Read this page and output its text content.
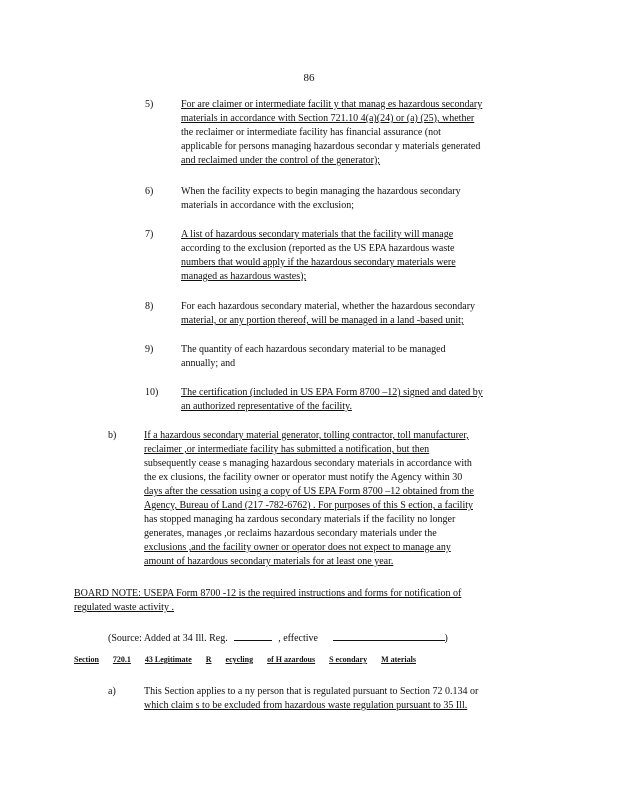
86
5)	For are claimer or intermediate facilit y that manag es hazardous secondary
materials in accordance with Section 721.10 4(a)(24) or (a) (25), whether
the reclaimer or intermediate facility has financial assurance (not
applicable for persons managing hazardous secondar y materials generated
and reclaimed under the control of the generator);
6)	When the facility expects to begin managing the hazardous secondary
materials in accordance with the exclusion;
7)	A list of hazardous secondary materials that the facility will manage
according to the exclusion (reported as the US EPA hazardous waste
numbers that would apply if the hazardous secondary materials were
managed as hazardous wastes);
8)	For each hazardous secondary material, whether the hazardous secondary
material, or any portion thereof, will be managed in a land -based unit;
9)	The quantity of each hazardous secondary material to be managed
annually; and
10) The certification (included in US EPA Form 8700 –12) signed and dated by
an authorized representative of the facility.
b)	If a hazardous secondary material generator, tolling contractor, toll manufacturer,
reclaimer ,or intermediate facility has submitted a notification, but then
subsequently cease s managing hazardous secondary materials in accordance with
the ex clusions, the facility owner or operator must notify the Agency within 30
days after the cessation using a copy of US EPA Form 8700 –12 obtained from the
Agency, Bureau of Land (217 -782-6762) . For purposes of this S ection, a facility
has stopped managing ha zardous secondary materials if the facility no longer
generates, manages ,or reclaims hazardous secondary materials under the
exclusions ,and the facility owner or operator does not expect to manage any
amount of hazardous secondary materials for at least one year.
BOARD NOTE: USEPA Form 8700 -12 is the required instructions and forms for notification of
regulated waste activity .
(Source: Added at 34 Ill. Reg.	, effective	)
Section 720.1 43 Legitimate R ecycling of H azardous S econdary M aterials
a)	This Section applies to a ny person that is regulated pursuant to Section 72 0.134 or
which claim s to be excluded from hazardous waste regulation pursuant to 35 Ill.
